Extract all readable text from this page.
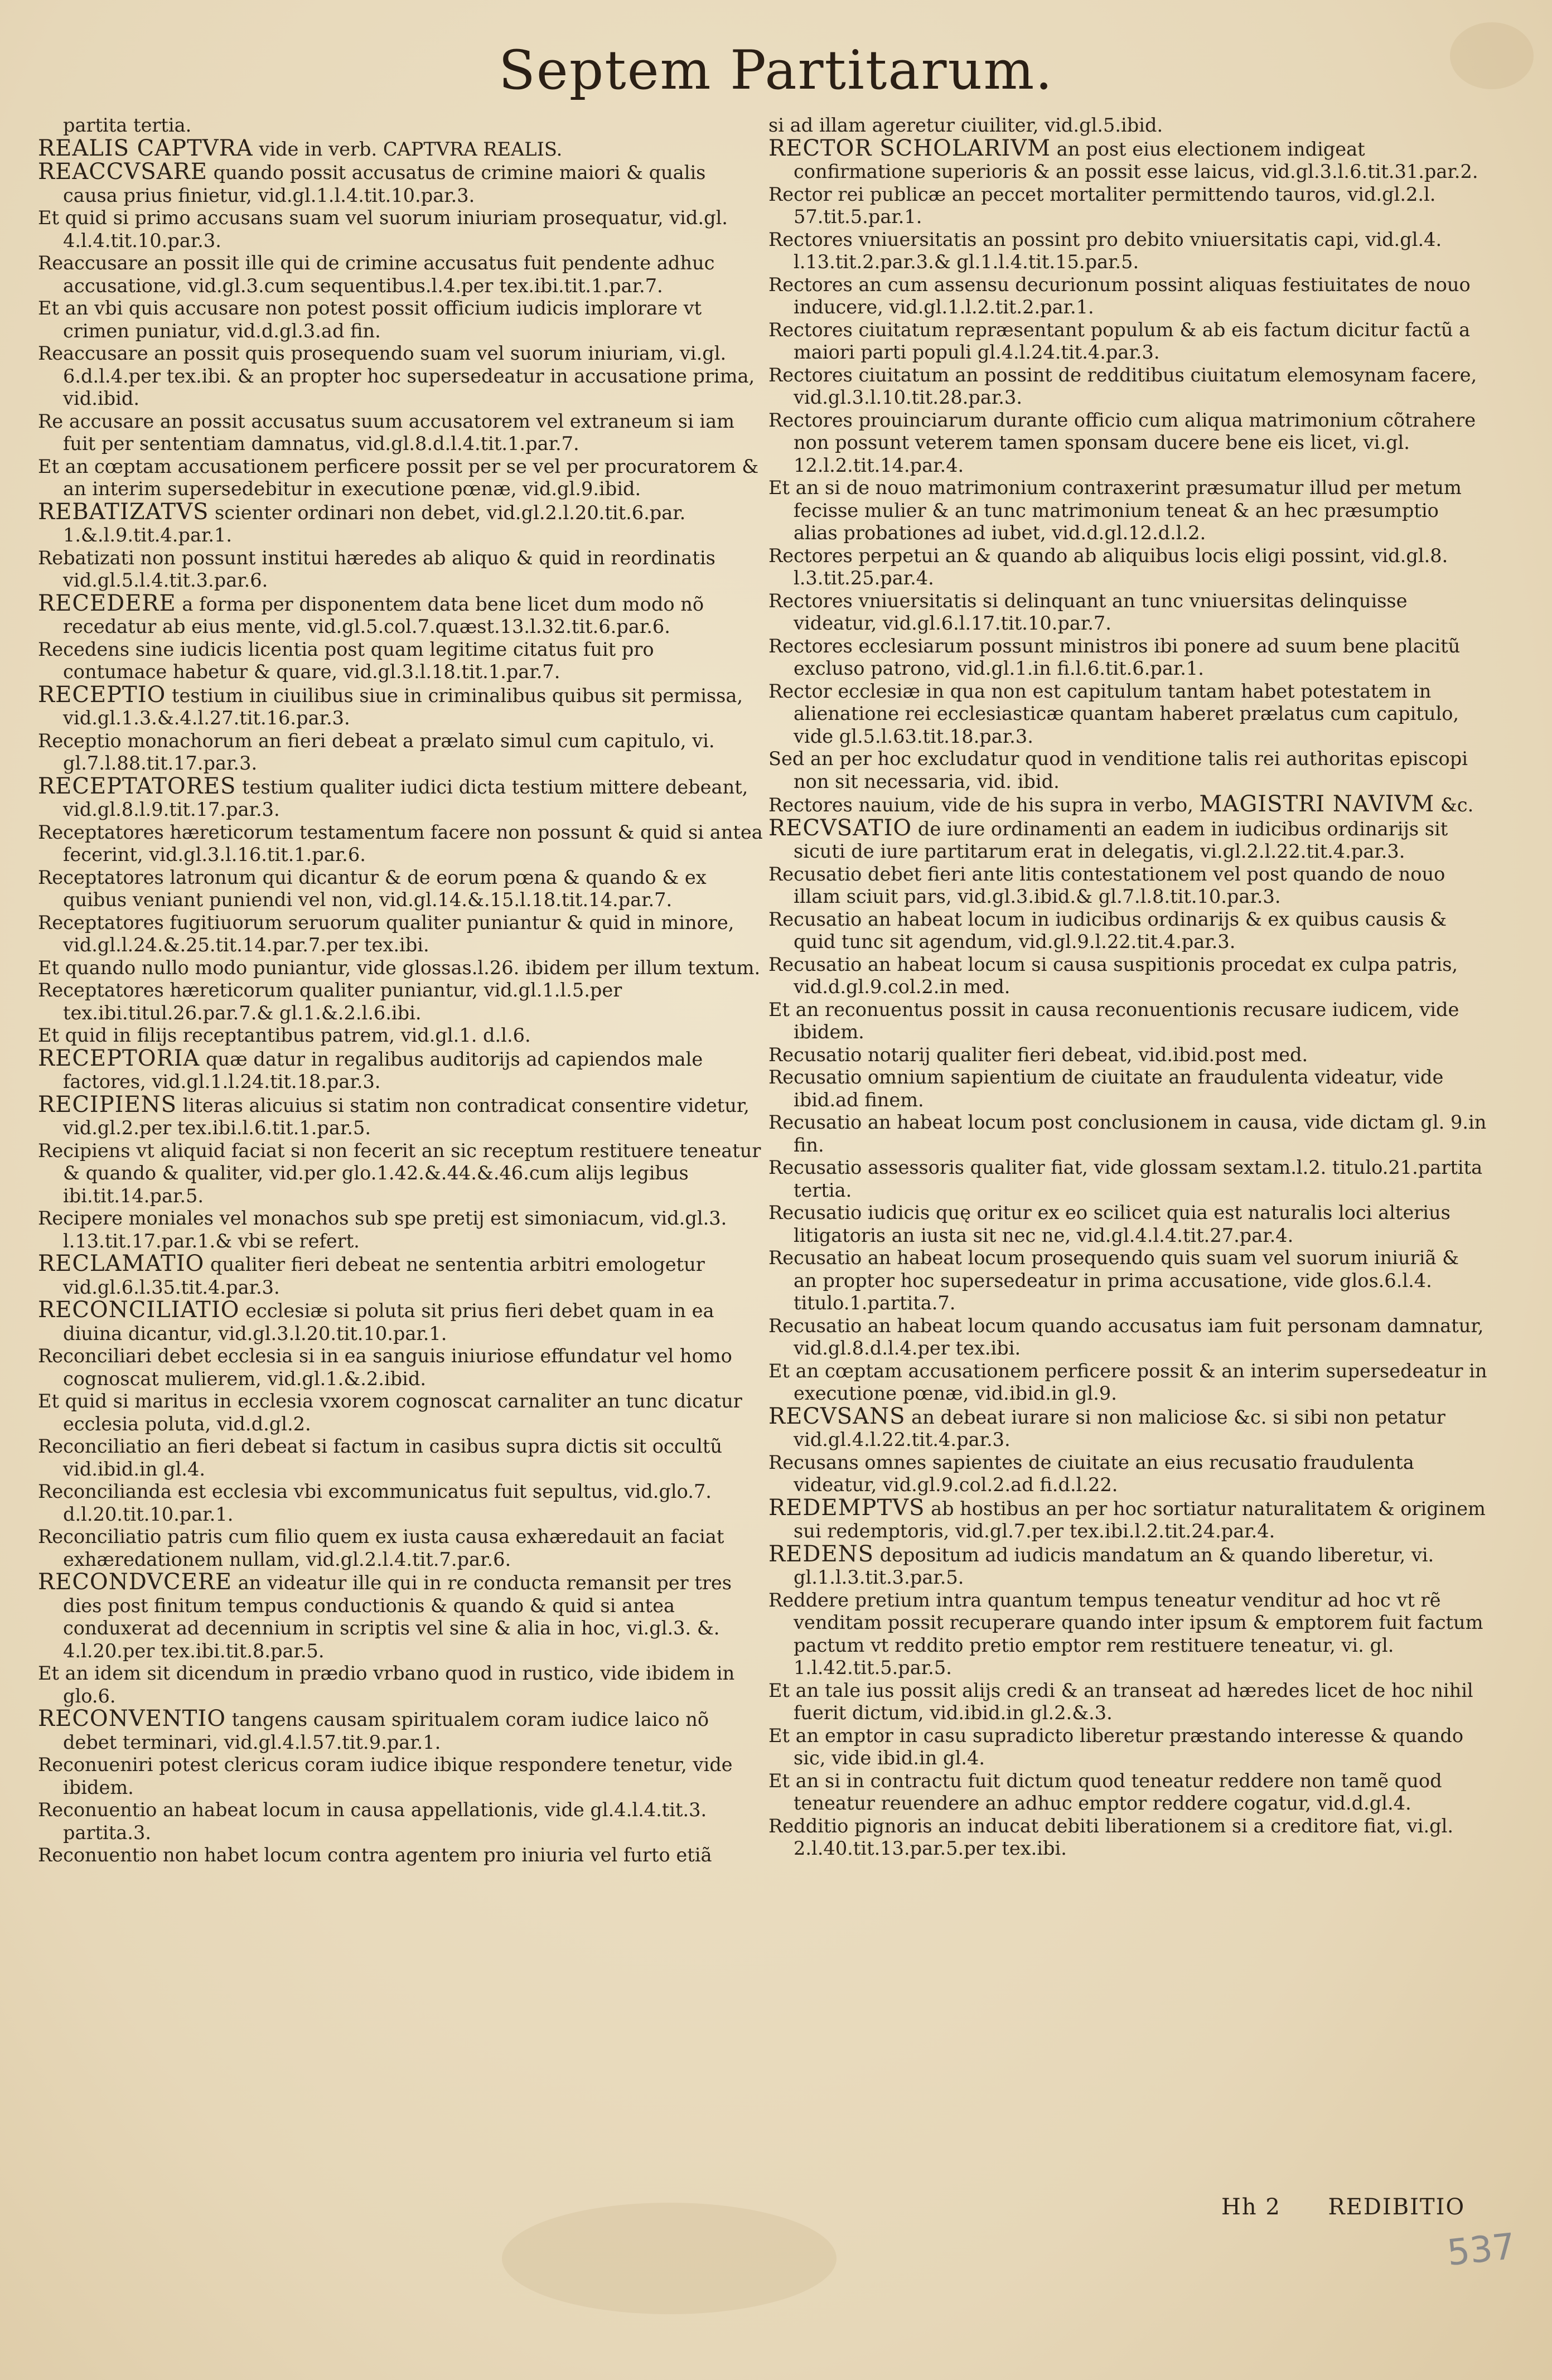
Septem Partitarum.

partita tertia.

REALIS CAPTVRA vide in verb. CAPTVRA REALIS.

REACCVSARE quando possit accusatus de crimine maiori & qualis causa prius finietur, vid.gl.1.l.4.tit.10.par.3.

Et quid si primo accusans suam vel suorum iniuriam prosequatur, vid.gl. 4.l.4.tit.10.par.3.

Reaccusare an possit ille qui de crimine accusatus fuit pendente adhuc accusatione, vid.gl.3.cum sequentibus.l.4.per tex.ibi.tit.1.par.7.

Et an vbi quis accusare non potest possit officium iudicis implorare vt crimen puniatur, vid.d.gl.3.ad fin.

Reaccusare an possit quis prosequendo suam vel suorum iniuriam, vi.gl. 6.d.l.4.per tex.ibi. & an propter hoc supersedeatur in accusatione prima, vid.ibid.

Re accusare an possit accusatus suum accusatorem vel extraneum si iam fuit per sententiam damnatus, vid.gl.8.d.l.4.tit.1.par.7.

Et an cœptam accusationem perficere possit per se vel per procuratorem & an interim supersedebitur in executione pœnæ, vid.gl.9.ibid.

REBATIZATVS scienter ordinari non debet, vid.gl.2.l.20.tit.6.par. 1.&.l.9.tit.4.par.1.

Rebatizati non possunt institui hæredes ab aliquo & quid in reordinatis vid.gl.5.l.4.tit.3.par.6.

RECEDERE a forma per disponentem data bene licet dum modo nõ recedatur ab eius mente, vid.gl.5.col.7.quæst.13.l.32.tit.6.par.6.

Recedens sine iudicis licentia post quam legitime citatus fuit pro contumace habetur & quare, vid.gl.3.l.18.tit.1.par.7.

RECEPTIO testium in ciuilibus siue in criminalibus quibus sit permissa, vid.gl.1.3.&.4.l.27.tit.16.par.3.

Receptio monachorum an fieri debeat a prælato simul cum capitulo, vi. gl.7.l.88.tit.17.par.3.

RECEPTATORES testium qualiter iudici dicta testium mittere debeant, vid.gl.8.l.9.tit.17.par.3.

Receptatores hæreticorum testamentum facere non possunt & quid si antea fecerint, vid.gl.3.l.16.tit.1.par.6.

Receptatores latronum qui dicantur & de eorum pœna & quando & ex quibus veniant puniendi vel non, vid.gl.14.&.15.l.18.tit.14.par.7.

Receptatores fugitiuorum seruorum qualiter puniantur & quid in minore, vid.gl.l.24.&.25.tit.14.par.7.per tex.ibi.

Et quando nullo modo puniantur, vide glossas.l.26. ibidem per illum textum.

Receptatores hæreticorum qualiter puniantur, vid.gl.1.l.5.per tex.ibi.titul.26.par.7.& gl.1.&.2.l.6.ibi.

Et quid in filijs receptantibus patrem, vid.gl.1. d.l.6.

RECEPTORIA quæ datur in regalibus auditorijs ad capiendos male factores, vid.gl.1.l.24.tit.18.par.3.

RECIPIENS literas alicuius si statim non contradicat consentire videtur, vid.gl.2.per tex.ibi.l.6.tit.1.par.5.

Recipiens vt aliquid faciat si non fecerit an sic receptum restituere teneatur & quando & qualiter, vid.per glo.1.42.&.44.&.46.cum alijs legibus ibi.tit.14.par.5.

Recipere moniales vel monachos sub spe pretij est simoniacum, vid.gl.3. l.13.tit.17.par.1.& vbi se refert.

RECLAMATIO qualiter fieri debeat ne sententia arbitri emologetur vid.gl.6.l.35.tit.4.par.3.

RECONCILIATIO ecclesiæ si poluta sit prius fieri debet quam in ea diuina dicantur, vid.gl.3.l.20.tit.10.par.1.

Reconciliari debet ecclesia si in ea sanguis iniuriose effundatur vel homo cognoscat mulierem, vid.gl.1.&.2.ibid.

Et quid si maritus in ecclesia vxorem cognoscat carnaliter an tunc dicatur ecclesia poluta, vid.d.gl.2.

Reconciliatio an fieri debeat si factum in casibus supra dictis sit occultũ vid.ibid.in gl.4.

Reconcilianda est ecclesia vbi excommunicatus fuit sepultus, vid.glo.7. d.l.20.tit.10.par.1.

Reconciliatio patris cum filio quem ex iusta causa exhæredauit an faciat exhæredationem nullam, vid.gl.2.l.4.tit.7.par.6.

RECONDVCERE an videatur ille qui in re conducta remansit per tres dies post finitum tempus conductionis & quando & quid si antea conduxerat ad decennium in scriptis vel sine & alia in hoc, vi.gl.3. &. 4.l.20.per tex.ibi.tit.8.par.5.

Et an idem sit dicendum in prædio vrbano quod in rustico, vide ibidem in glo.6.

RECONVENTIO tangens causam spiritualem coram iudice laico nõ debet terminari, vid.gl.4.l.57.tit.9.par.1.

Reconueniri potest clericus coram iudice ibique respondere tenetur, vide ibidem.

Reconuentio an habeat locum in causa appellationis, vide gl.4.l.4.tit.3. partita.3.

Reconuentio non habet locum contra agentem pro iniuria vel furto etiã

si ad illam ageretur ciuiliter, vid.gl.5.ibid.

RECTOR SCHOLARIVM an post eius electionem indigeat confirmatione superioris & an possit esse laicus, vid.gl.3.l.6.tit.31.par.2.

Rector rei publicæ an peccet mortaliter permittendo tauros, vid.gl.2.l. 57.tit.5.par.1.

Rectores vniuersitatis an possint pro debito vniuersitatis capi, vid.gl.4. l.13.tit.2.par.3.& gl.1.l.4.tit.15.par.5.

Rectores an cum assensu decurionum possint aliquas festiuitates de nouo inducere, vid.gl.1.l.2.tit.2.par.1.

Rectores ciuitatum repræsentant populum & ab eis factum dicitur factũ a maiori parti populi gl.4.l.24.tit.4.par.3.

Rectores ciuitatum an possint de redditibus ciuitatum elemosynam facere, vid.gl.3.l.10.tit.28.par.3.

Rectores prouinciarum durante officio cum aliqua matrimonium cõtrahere non possunt veterem tamen sponsam ducere bene eis licet, vi.gl. 12.l.2.tit.14.par.4.

Et an si de nouo matrimonium contraxerint præsumatur illud per metum fecisse mulier & an tunc matrimonium teneat & an hec præsumptio alias probationes ad iubet, vid.d.gl.12.d.l.2.

Rectores perpetui an & quando ab aliquibus locis eligi possint, vid.gl.8. l.3.tit.25.par.4.

Rectores vniuersitatis si delinquant an tunc vniuersitas delinquisse videatur, vid.gl.6.l.17.tit.10.par.7.

Rectores ecclesiarum possunt ministros ibi ponere ad suum bene placitũ excluso patrono, vid.gl.1.in fi.l.6.tit.6.par.1.

Rector ecclesiæ in qua non est capitulum tantam habet potestatem in alienatione rei ecclesiasticæ quantam haberet prælatus cum capitulo, vide gl.5.l.63.tit.18.par.3.

Sed an per hoc excludatur quod in venditione talis rei authoritas episcopi non sit necessaria, vid. ibid.

Rectores nauium, vide de his supra in verbo, MAGISTRI NAVIVM &c.

RECVSATIO de iure ordinamenti an eadem in iudicibus ordinarijs sit sicuti de iure partitarum erat in delegatis, vi.gl.2.l.22.tit.4.par.3.

Recusatio debet fieri ante litis contestationem vel post quando de nouo illam sciuit pars, vid.gl.3.ibid.& gl.7.l.8.tit.10.par.3.

Recusatio an habeat locum in iudicibus ordinarijs & ex quibus causis & quid tunc sit agendum, vid.gl.9.l.22.tit.4.par.3.

Recusatio an habeat locum si causa suspitionis procedat ex culpa patris, vid.d.gl.9.col.2.in med.

Et an reconuentus possit in causa reconuentionis recusare iudicem, vide ibidem.

Recusatio notarij qualiter fieri debeat, vid.ibid.post med.

Recusatio omnium sapientium de ciuitate an fraudulenta videatur, vide ibid.ad finem.

Recusatio an habeat locum post conclusionem in causa, vide dictam gl. 9.in fin.

Recusatio assessoris qualiter fiat, vide glossam sextam.l.2. titulo.21.partita tertia.

Recusatio iudicis quę oritur ex eo scilicet quia est naturalis loci alterius litigatoris an iusta sit nec ne, vid.gl.4.l.4.tit.27.par.4.

Recusatio an habeat locum prosequendo quis suam vel suorum iniuriã & an propter hoc supersedeatur in prima accusatione, vide glos.6.l.4. titulo.1.partita.7.

Recusatio an habeat locum quando accusatus iam fuit personam damnatur, vid.gl.8.d.l.4.per tex.ibi.

Et an cœptam accusationem perficere possit & an interim supersedeatur in executione pœnæ, vid.ibid.in gl.9.

RECVSANS an debeat iurare si non maliciose &c. si sibi non petatur vid.gl.4.l.22.tit.4.par.3.

Recusans omnes sapientes de ciuitate an eius recusatio fraudulenta videatur, vid.gl.9.col.2.ad fi.d.l.22.

REDEMPTVS ab hostibus an per hoc sortiatur naturalitatem & originem sui redemptoris, vid.gl.7.per tex.ibi.l.2.tit.24.par.4.

REDENS depositum ad iudicis mandatum an & quando liberetur, vi. gl.1.l.3.tit.3.par.5.

Reddere pretium intra quantum tempus teneatur venditur ad hoc vt rẽ venditam possit recuperare quando inter ipsum & emptorem fuit factum pactum vt reddito pretio emptor rem restituere teneatur, vi. gl. 1.l.42.tit.5.par.5.

Et an tale ius possit alijs credi & an transeat ad hæredes licet de hoc nihil fuerit dictum, vid.ibid.in gl.2.&.3.

Et an emptor in casu supradicto liberetur præstando interesse & quando sic, vide ibid.in gl.4.

Et an si in contractu fuit dictum quod teneatur reddere non tamẽ quod teneatur reuendere an adhuc emptor reddere cogatur, vid.d.gl.4.

Redditio pignoris an inducat debiti liberationem si a creditore fiat, vi.gl. 2.l.40.tit.13.par.5.per tex.ibi.

Hh 2 REDIBITIO
537
